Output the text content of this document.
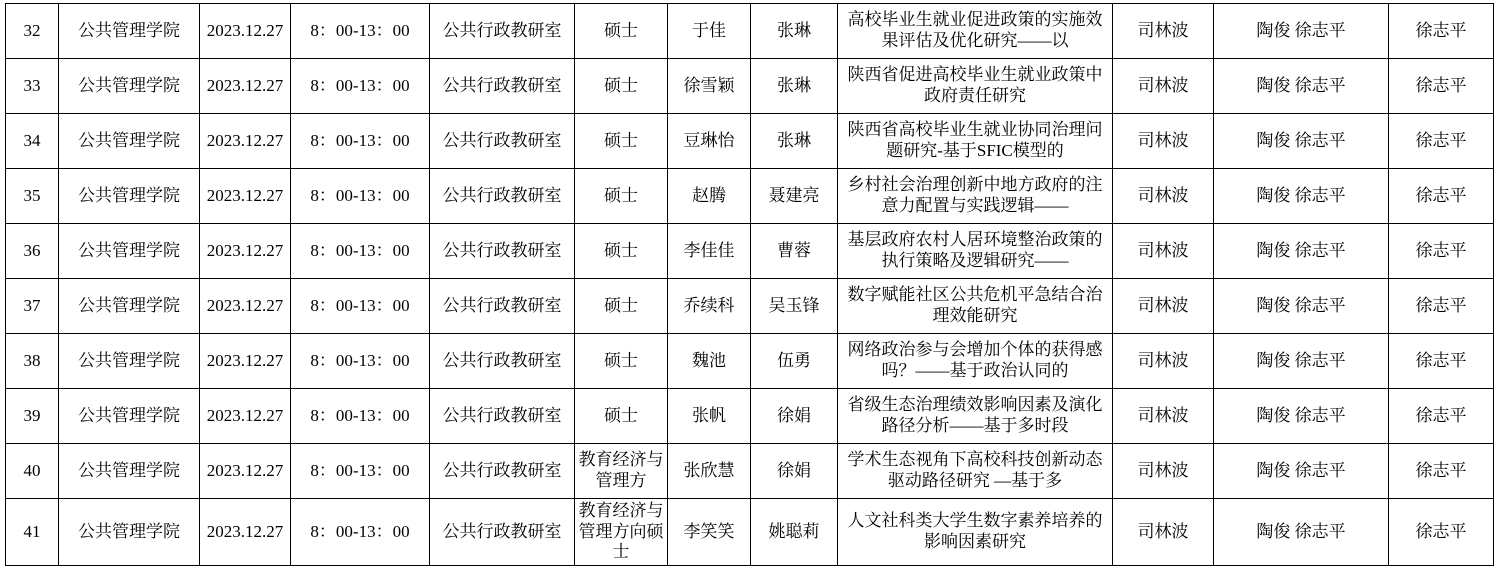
32	公共管理学院	2023.12.27	8：00-13：00	公共行政教研室	硕士	于佳	张琳	高校毕业生就业促进政策的实施效果评估及优化研究——以	司林波	陶俊 徐志平	徐志平
33	公共管理学院	2023.12.27	8：00-13：00	公共行政教研室	硕士	徐雪颖	张琳	陕西省促进高校毕业生就业政策中政府责任研究	司林波	陶俊 徐志平	徐志平
34	公共管理学院	2023.12.27	8：00-13：00	公共行政教研室	硕士	豆琳怡	张琳	陕西省高校毕业生就业协同治理问题研究-基于SFIC模型的	司林波	陶俊 徐志平	徐志平
35	公共管理学院	2023.12.27	8：00-13：00	公共行政教研室	硕士	赵腾	聂建亮	乡村社会治理创新中地方政府的注意力配置与实践逻辑——	司林波	陶俊 徐志平	徐志平
36	公共管理学院	2023.12.27	8：00-13：00	公共行政教研室	硕士	李佳佳	曹蓉	基层政府农村人居环境整治政策的执行策略及逻辑研究——	司林波	陶俊 徐志平	徐志平
37	公共管理学院	2023.12.27	8：00-13：00	公共行政教研室	硕士	乔续科	吴玉锋	数字赋能社区公共危机平急结合治理效能研究	司林波	陶俊 徐志平	徐志平
38	公共管理学院	2023.12.27	8：00-13：00	公共行政教研室	硕士	魏池	伍勇	网络政治参与会增加个体的获得感吗？——基于政治认同的	司林波	陶俊 徐志平	徐志平
39	公共管理学院	2023.12.27	8：00-13：00	公共行政教研室	硕士	张帆	徐娟	省级生态治理绩效影响因素及演化路径分析——基于多时段	司林波	陶俊 徐志平	徐志平
40	公共管理学院	2023.12.27	8：00-13：00	公共行政教研室	教育经济与管理方	张欣慧	徐娟	学术生态视角下高校科技创新动态驱动路径研究 —基于多	司林波	陶俊 徐志平	徐志平
41	公共管理学院	2023.12.27	8：00-13：00	公共行政教研室	教育经济与管理方向硕士	李笑笑	姚聪莉	人文社科类大学生数字素养培养的影响因素研究	司林波	陶俊 徐志平	徐志平
